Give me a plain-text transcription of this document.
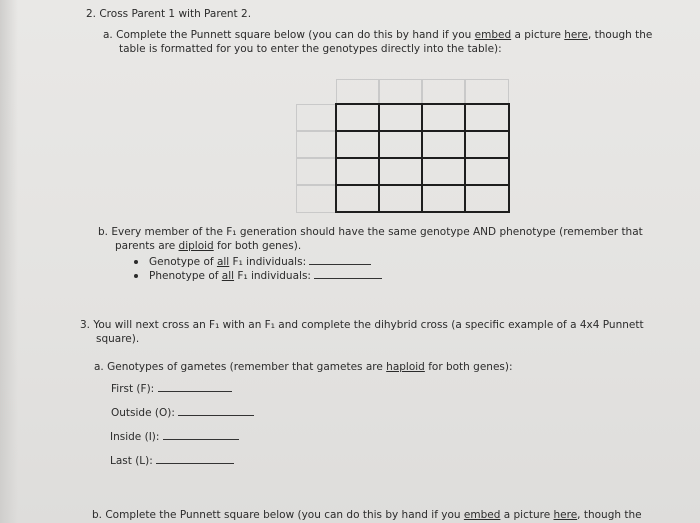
2. Cross Parent 1 with Parent 2.
a. Complete the Punnett square below (you can do this by hand if you embed a picture here, though the
table is formatted for you to enter the genotypes directly into the table):
b. Every member of the F₁ generation should have the same genotype AND phenotype (remember that
parents are diploid for both genes).
Genotype of all F₁ individuals:
Phenotype of all F₁ individuals:
3. You will next cross an F₁ with an F₁ and complete the dihybrid cross (a specific example of a 4x4 Punnett
square).
a. Genotypes of gametes (remember that gametes are haploid for both genes):
First (F):
Outside (O):
Inside (I):
Last (L):
b. Complete the Punnett square below (you can do this by hand if you embed a picture here, though the
